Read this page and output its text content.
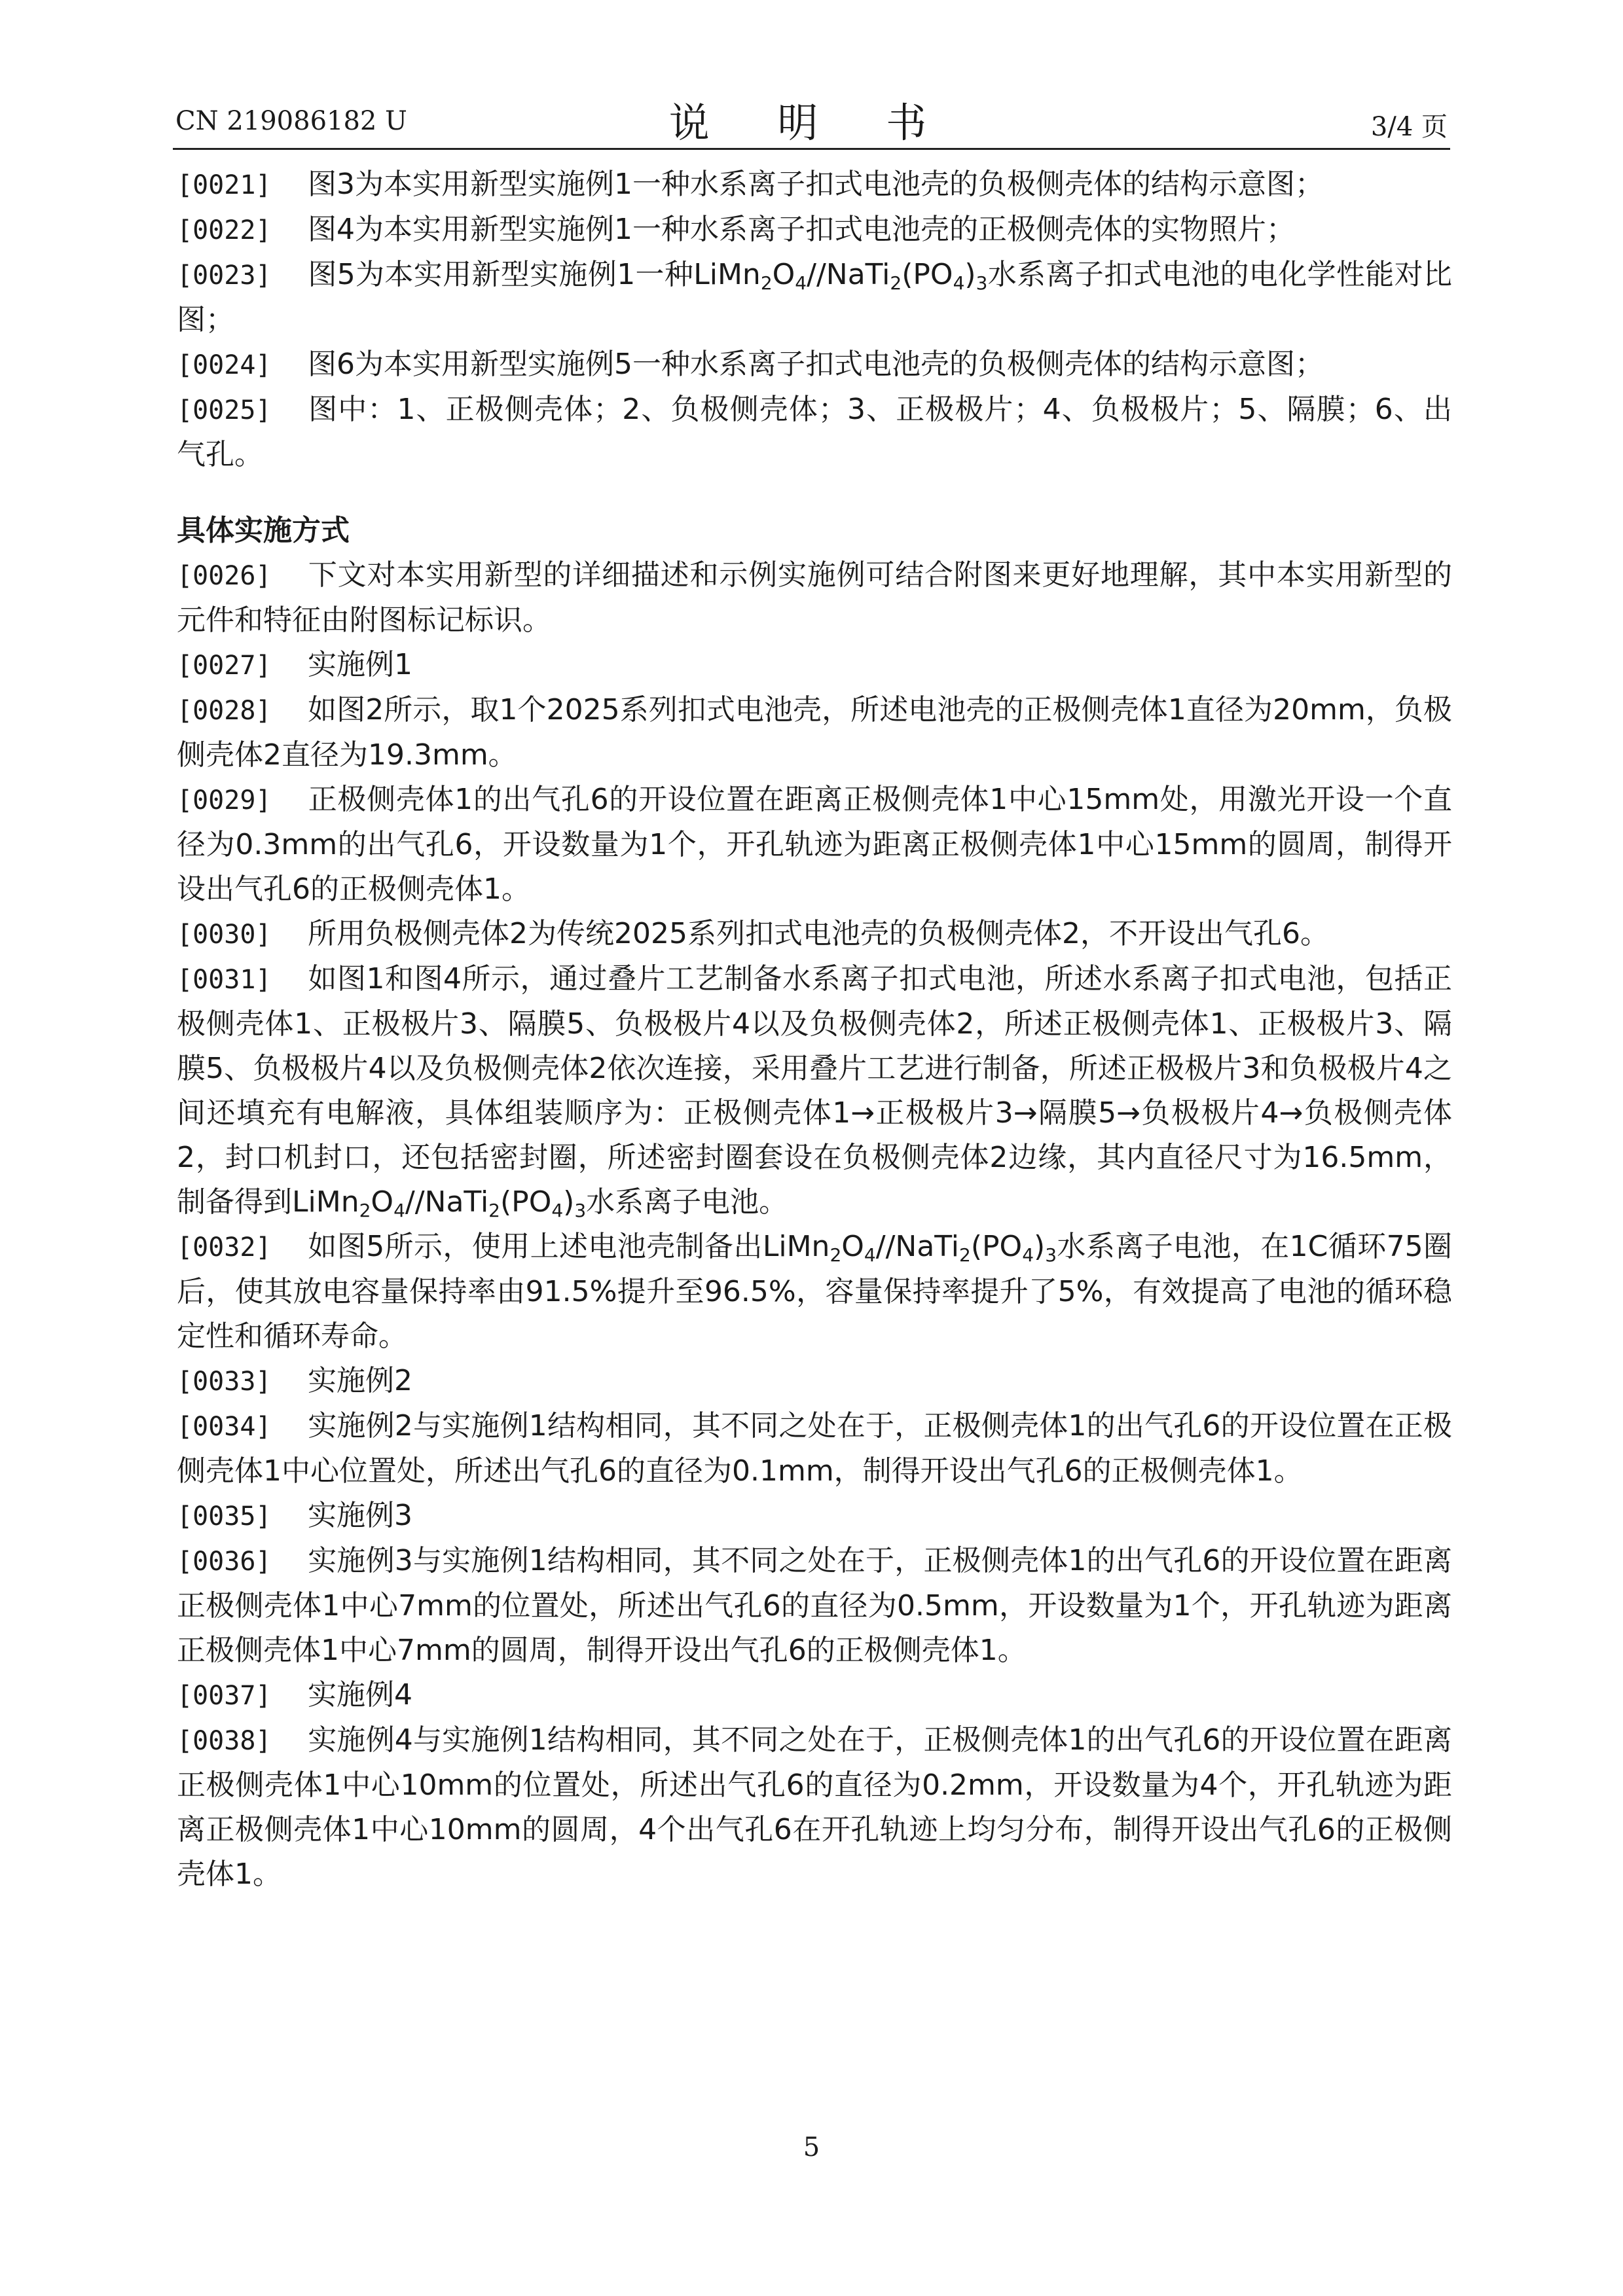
CN 219086182 U	说 明 书	3/4 页

[0021] 图3为本实用新型实施例1一种水系离子扣式电池壳的负极侧壳体的结构示意图；

[0022] 图4为本实用新型实施例1一种水系离子扣式电池壳的正极侧壳体的实物照片；

[0023] 图5为本实用新型实施例1一种$LiMn_2O_4//NaTi_2(PO_4)_3$水系离子扣式电池的电化学性能对比图；

[0024] 图6为本实用新型实施例5一种水系离子扣式电池壳的负极侧壳体的结构示意图；

[0025] 图中：1、正极侧壳体；2、负极侧壳体；3、正极极片；4、负极极片；5、隔膜；6、出气孔。

具体实施方式

[0026] 下文对本实用新型的详细描述和示例实施例可结合附图来更好地理解，其中本实用新型的元件和特征由附图标记标识。

[0027] 实施例1

[0028] 如图2所示，取1个2025系列扣式电池壳，所述电池壳的正极侧壳体1直径为20mm，负极侧壳体2直径为19.3mm。

[0029] 正极侧壳体1的出气孔6的开设位置在距离正极侧壳体1中心15mm处，用激光开设一个直径为0.3mm的出气孔6，开设数量为1个，开孔轨迹为距离正极侧壳体1中心15mm的圆周，制得开设出气孔6的正极侧壳体1。

[0030] 所用负极侧壳体2为传统2025系列扣式电池壳的负极侧壳体2，不开设出气孔6。

[0031] 如图1和图4所示，通过叠片工艺制备水系离子扣式电池，所述水系离子扣式电池，包括正极侧壳体1、正极极片3、隔膜5、负极极片4以及负极侧壳体2，所述正极侧壳体1、正极极片3、隔膜5、负极极片4以及负极侧壳体2依次连接，采用叠片工艺进行制备，所述正极极片3和负极极片4之间还填充有电解液，具体组装顺序为：正极侧壳体1→正极极片3→隔膜5→负极极片4→负极侧壳体2，封口机封口，还包括密封圈，所述密封圈套设在负极侧壳体2边缘，其内直径尺寸为16.5mm，制备得到$LiMn_2O_4//NaTi_2(PO_4)_3$水系离子电池。

[0032] 如图5所示，使用上述电池壳制备出$LiMn_2O_4//NaTi_2(PO_4)_3$水系离子电池，在1C循环75圈后，使其放电容量保持率由91.5%提升至96.5%，容量保持率提升了5%，有效提高了电池的循环稳定性和循环寿命。

[0033] 实施例2

[0034] 实施例2与实施例1结构相同，其不同之处在于，正极侧壳体1的出气孔6的开设位置在正极侧壳体1中心位置处，所述出气孔6的直径为0.1mm，制得开设出气孔6的正极侧壳体1。

[0035] 实施例3

[0036] 实施例3与实施例1结构相同，其不同之处在于，正极侧壳体1的出气孔6的开设位置在距离正极侧壳体1中心7mm的位置处，所述出气孔6的直径为0.5mm，开设数量为1个，开孔轨迹为距离正极侧壳体1中心7mm的圆周，制得开设出气孔6的正极侧壳体1。

[0037] 实施例4

[0038] 实施例4与实施例1结构相同，其不同之处在于，正极侧壳体1的出气孔6的开设位置在距离正极侧壳体1中心10mm的位置处，所述出气孔6的直径为0.2mm，开设数量为4个，开孔轨迹为距离正极侧壳体1中心10mm的圆周，4个出气孔6在开孔轨迹上均匀分布，制得开设出气孔6的正极侧壳体1。

5
